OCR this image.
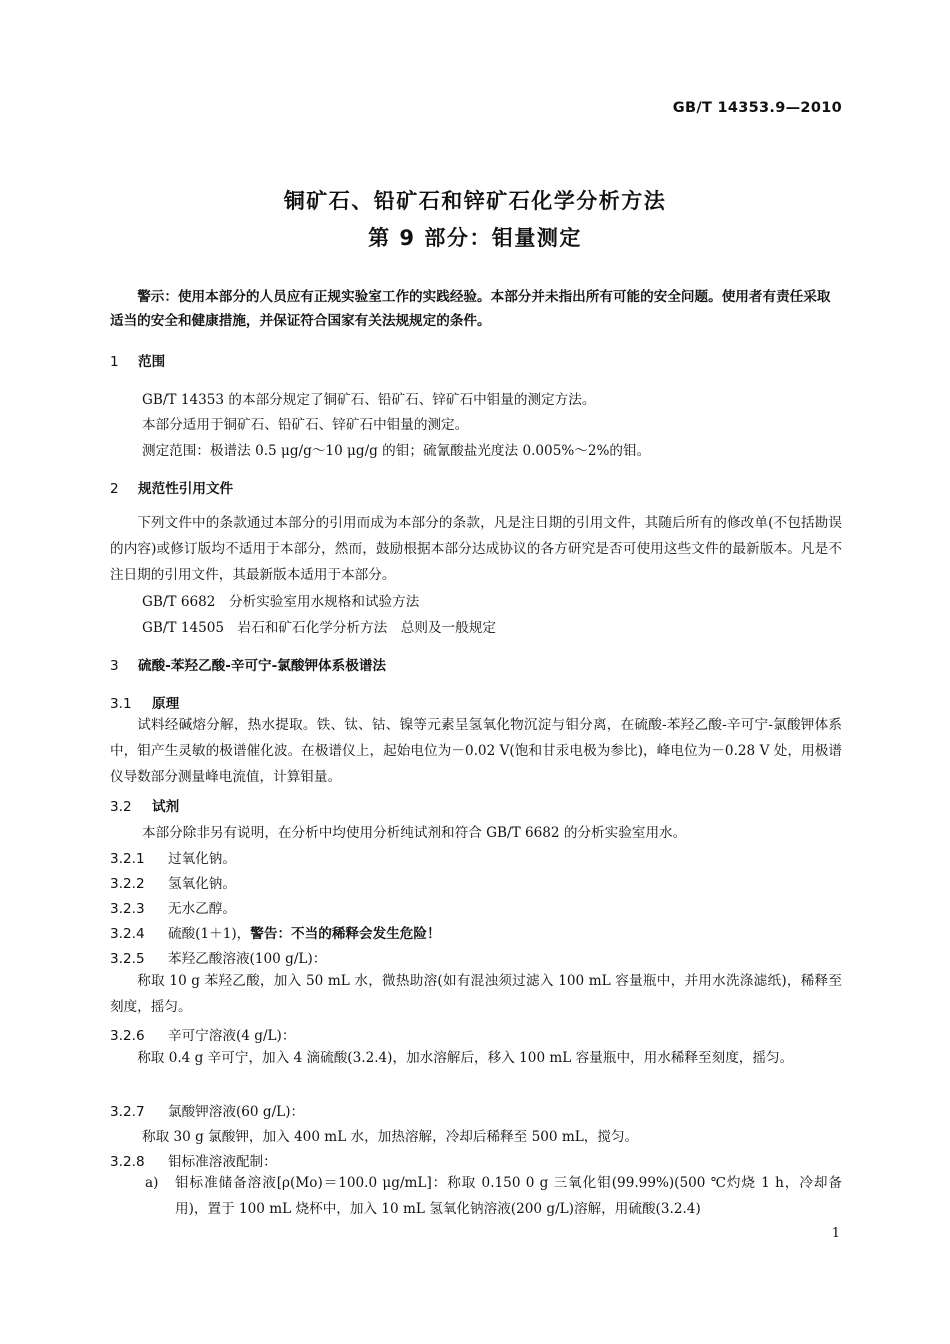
GB/T 14353.9—2010
铜矿石、铅矿石和锌矿石化学分析方法
第 9 部分：钼量测定
警示：使用本部分的人员应有正规实验室工作的实践经验。本部分并未指出所有可能的安全问题。使用者有责任采取适当的安全和健康措施，并保证符合国家有关法规规定的条件。
1 范围
GB/T 14353 的本部分规定了铜矿石、铅矿石、锌矿石中钼量的测定方法。
本部分适用于铜矿石、铅矿石、锌矿石中钼量的测定。
测定范围：极谱法 0.5 μg/g～10 μg/g 的钼；硫氰酸盐光度法 0.005%～2%的钼。
2 规范性引用文件
下列文件中的条款通过本部分的引用而成为本部分的条款，凡是注日期的引用文件，其随后所有的修改单(不包括勘误的内容)或修订版均不适用于本部分，然而，鼓励根据本部分达成协议的各方研究是否可使用这些文件的最新版本。凡是不注日期的引用文件，其最新版本适用于本部分。
GB/T 6682　分析实验室用水规格和试验方法
GB/T 14505　岩石和矿石化学分析方法　总则及一般规定
3 硫酸-苯羟乙酸-辛可宁-氯酸钾体系极谱法
3.1 原理
试料经碱熔分解，热水提取。铁、钛、钴、镍等元素呈氢氧化物沉淀与钼分离，在硫酸-苯羟乙酸-辛可宁-氯酸钾体系中，钼产生灵敏的极谱催化波。在极谱仪上，起始电位为－0.02 V(饱和甘汞电极为参比)，峰电位为－0.28 V 处，用极谱仪导数部分测量峰电流值，计算钼量。
3.2 试剂
本部分除非另有说明，在分析中均使用分析纯试剂和符合 GB/T 6682 的分析实验室用水。
3.2.1 过氧化钠。
3.2.2 氢氧化钠。
3.2.3 无水乙醇。
3.2.4 硫酸(1＋1)，警告：不当的稀释会发生危险！
3.2.5 苯羟乙酸溶液(100 g/L)：
称取 10 g 苯羟乙酸，加入 50 mL 水，微热助溶(如有混浊须过滤入 100 mL 容量瓶中，并用水洗涤滤纸)，稀释至刻度，摇匀。
3.2.6 辛可宁溶液(4 g/L)：
称取 0.4 g 辛可宁，加入 4 滴硫酸(3.2.4)，加水溶解后，移入 100 mL 容量瓶中，用水稀释至刻度，摇匀。
3.2.7 氯酸钾溶液(60 g/L)：
称取 30 g 氯酸钾，加入 400 mL 水，加热溶解，冷却后稀释至 500 mL，搅匀。
3.2.8 钼标准溶液配制：
a) 钼标准储备溶液[ρ(Mo)＝100.0 μg/mL]：称取 0.150 0 g 三氧化钼(99.99%)(500 ℃灼烧 1 h，冷却备用)，置于 100 mL 烧杯中，加入 10 mL 氢氧化钠溶液(200 g/L)溶解，用硫酸(3.2.4)
1
